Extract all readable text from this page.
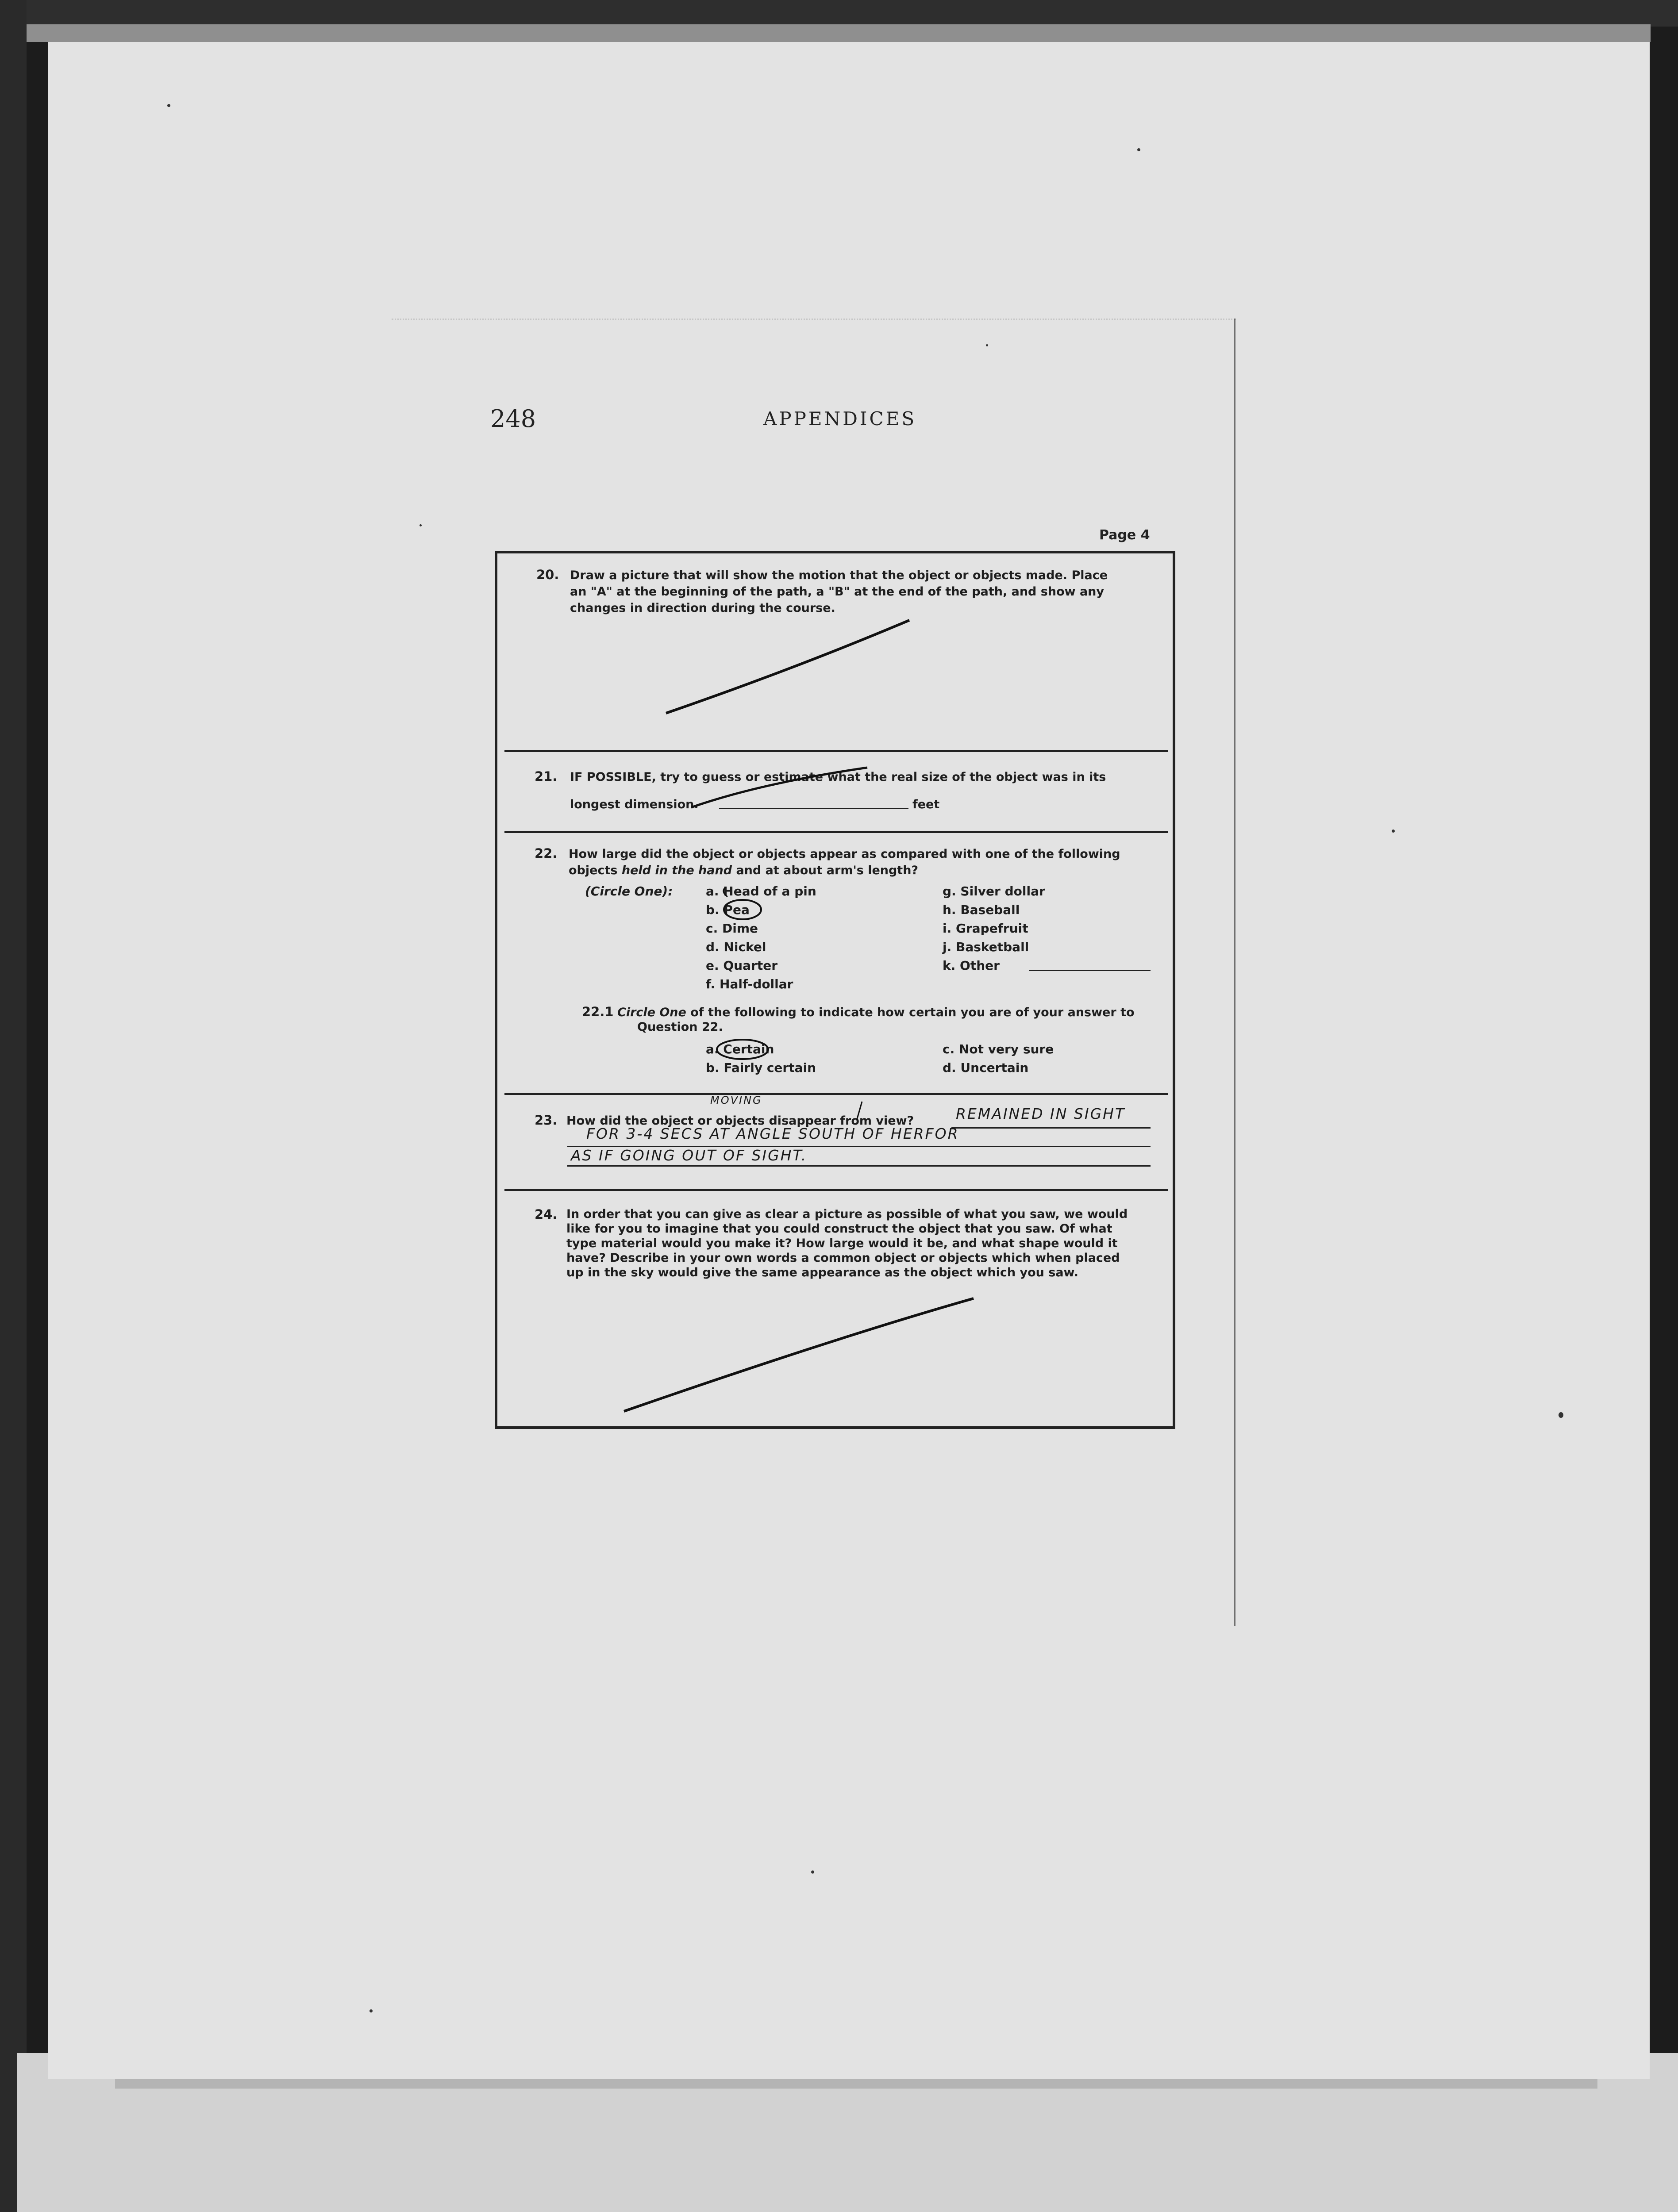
248	APPENDICES
Page 4
20. Draw a picture that will show the motion that the object or objects made. Place
an "A" at the beginning of the path, a "B" at the end of the path, and show any
changes in direction during the course.
21. IF POSSIBLE, try to guess or estimate what the real size of the object was in its
longest dimension.	feet
22. How large did the object or objects appear as compared with one of the following
objects held in the hand and at about arm's length?
(Circle One):	a. Head of a pin
b. Pea
c. Dime
d. Nickel
e. Quarter
f. Half-dollar
g. Silver dollar
h. Baseball
i. Grapefruit
j. Basketball
k. Other
22.1 Circle One of the following to indicate how certain you are of your answer to
Question 22.
a. Certain
b. Fairly certain
c. Not very sure
d. Uncertain
23. How did the object or objects disappear from view?
MOVING
REMAINED IN SIGHT
FOR 3-4 SECS AT ANGLE SOUTH OF HERFOR
AS IF GOING OUT OF SIGHT.
24. In order that you can give as clear a picture as possible of what you saw, we would
like for you to imagine that you could construct the object that you saw. Of what
type material would you make it? How large would it be, and what shape would it
have? Describe in your own words a common object or objects which when placed
up in the sky would give the same appearance as the object which you saw.
